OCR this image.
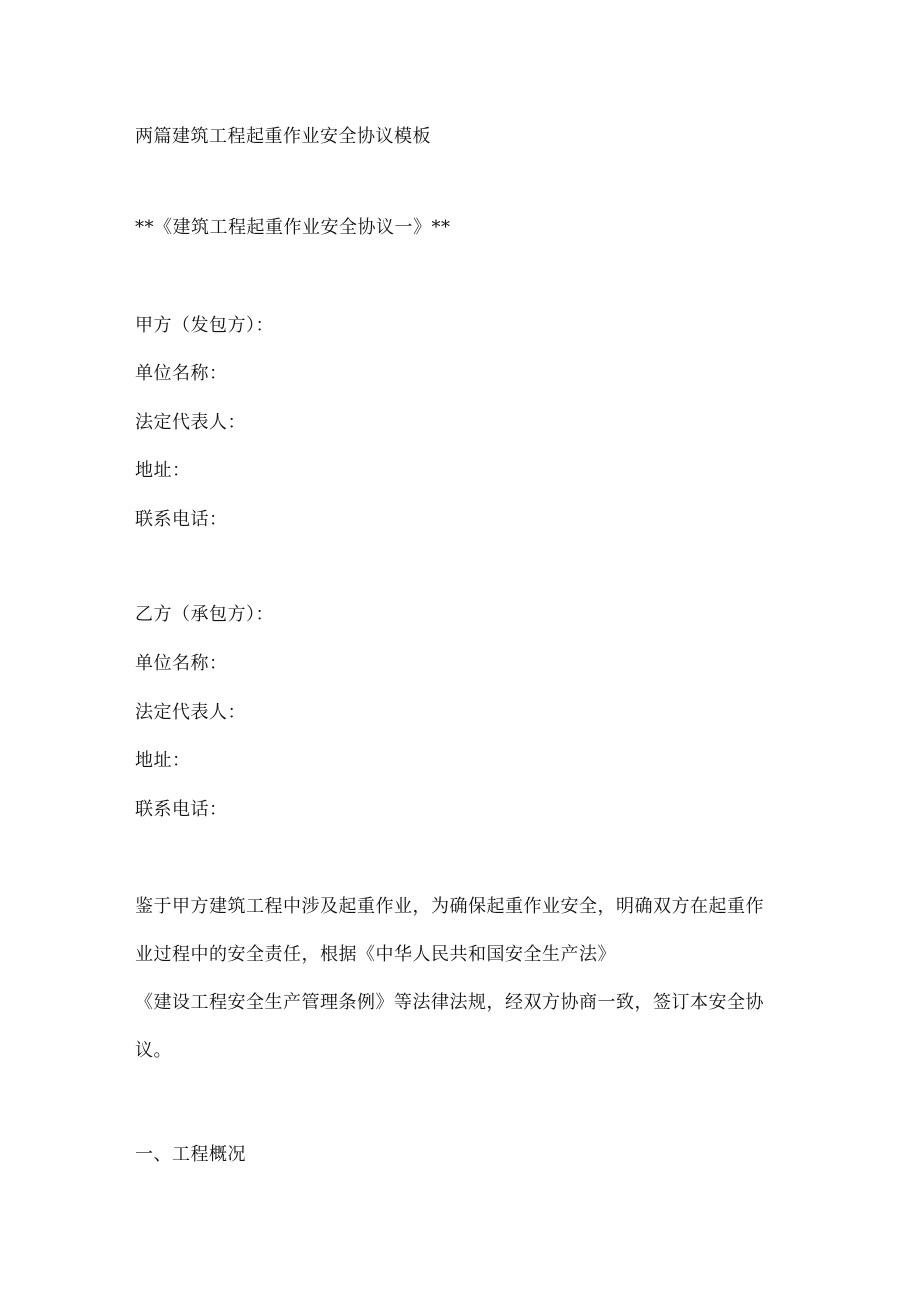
两篇建筑工程起重作业安全协议模板
**《建筑工程起重作业安全协议一》**
甲方（发包方）：
单位名称：
法定代表人：
地址：
联系电话：
乙方（承包方）：
单位名称：
法定代表人：
地址：
联系电话：
鉴于甲方建筑工程中涉及起重作业，为确保起重作业安全，明确双方在起重作
业过程中的安全责任，根据《中华人民共和国安全生产法》
《建设工程安全生产管理条例》等法律法规，经双方协商一致，签订本安全协
议。
一、工程概况
